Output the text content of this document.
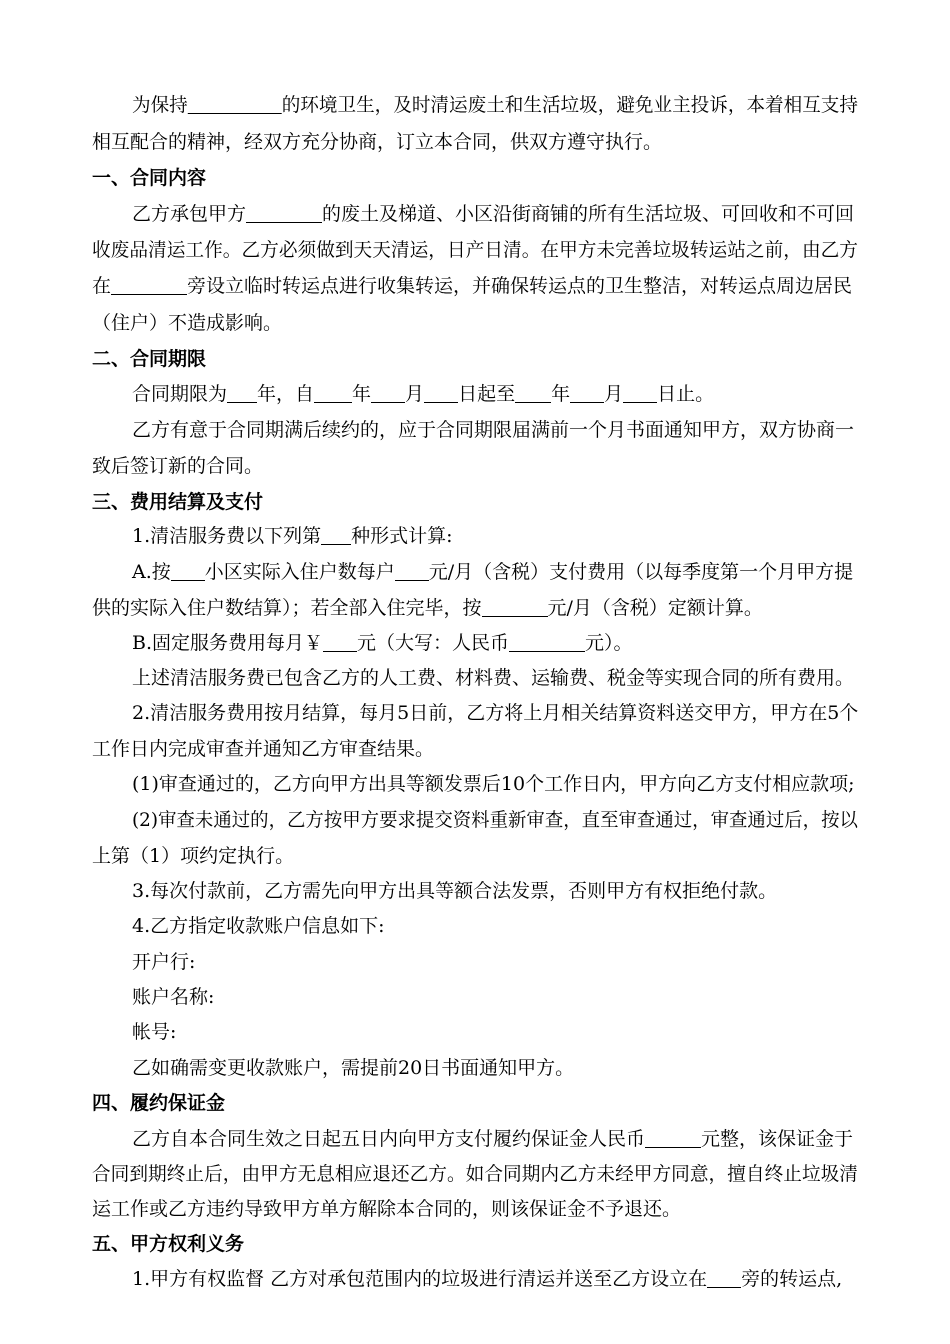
为保持	的环境卫生，及时清运废土和生活垃圾，避免业主投诉，本着相互支持
相互配合的精神，经双方充分协商，订立本合同，供双方遵守执行。
一、合同内容
乙方承包甲方	的废土及梯道、小区沿街商铺的所有生活垃圾、可回收和不可回
收废品清运工作。乙方必须做到天天清运，日产日清。在甲方未完善垃圾转运站之前，由乙方
在	旁设立临时转运点进行收集转运，并确保转运点的卫生整洁，对转运点周边居民
（住户）不造成影响。
二、合同期限
合同期限为 年，自 年 月 日起至 年 月 日止。
乙方有意于合同期满后续约的，应于合同期限届满前一个月书面通知甲方，双方协商一
致后签订新的合同。
三、费用结算及支付
1.清洁服务费以下列第 种形式计算:
A.按 小区实际入住户数每户 元/月（含税）支付费用（以每季度第一个月甲方提
供的实际入住户数结算）；若全部入住完毕，按	元/月（含税）定额计算。
B.固定服务费用每月￥ 元（大写：人民币	元）。
上述清洁服务费已包含乙方的人工费、材料费、运输费、税金等实现合同的所有费用。
2.清洁服务费用按月结算，每月5日前，乙方将上月相关结算资料送交甲方，甲方在5个
工作日内完成审查并通知乙方审查结果。
(1)审查通过的，乙方向甲方出具等额发票后10个工作日内，甲方向乙方支付相应款项;
(2)审查未通过的，乙方按甲方要求提交资料重新审查，直至审查通过，审查通过后，按以
上第（1）项约定执行。
3.每次付款前，乙方需先向甲方出具等额合法发票，否则甲方有权拒绝付款。
4.乙方指定收款账户信息如下:
开户行:
账户名称:
帐号:
乙如确需变更收款账户，需提前20日书面通知甲方。
四、履约保证金
乙方自本合同生效之日起五日内向甲方支付履约保证金人民币	元整，该保证金于
合同到期终止后，由甲方无息相应退还乙方。如合同期内乙方未经甲方同意，擅自终止垃圾清
运工作或乙方违约导致甲方单方解除本合同的，则该保证金不予退还。
五、甲方权利义务
1.甲方有权监督 乙方对承包范围内的垃圾进行清运并送至乙方设立在 旁的转运点,
